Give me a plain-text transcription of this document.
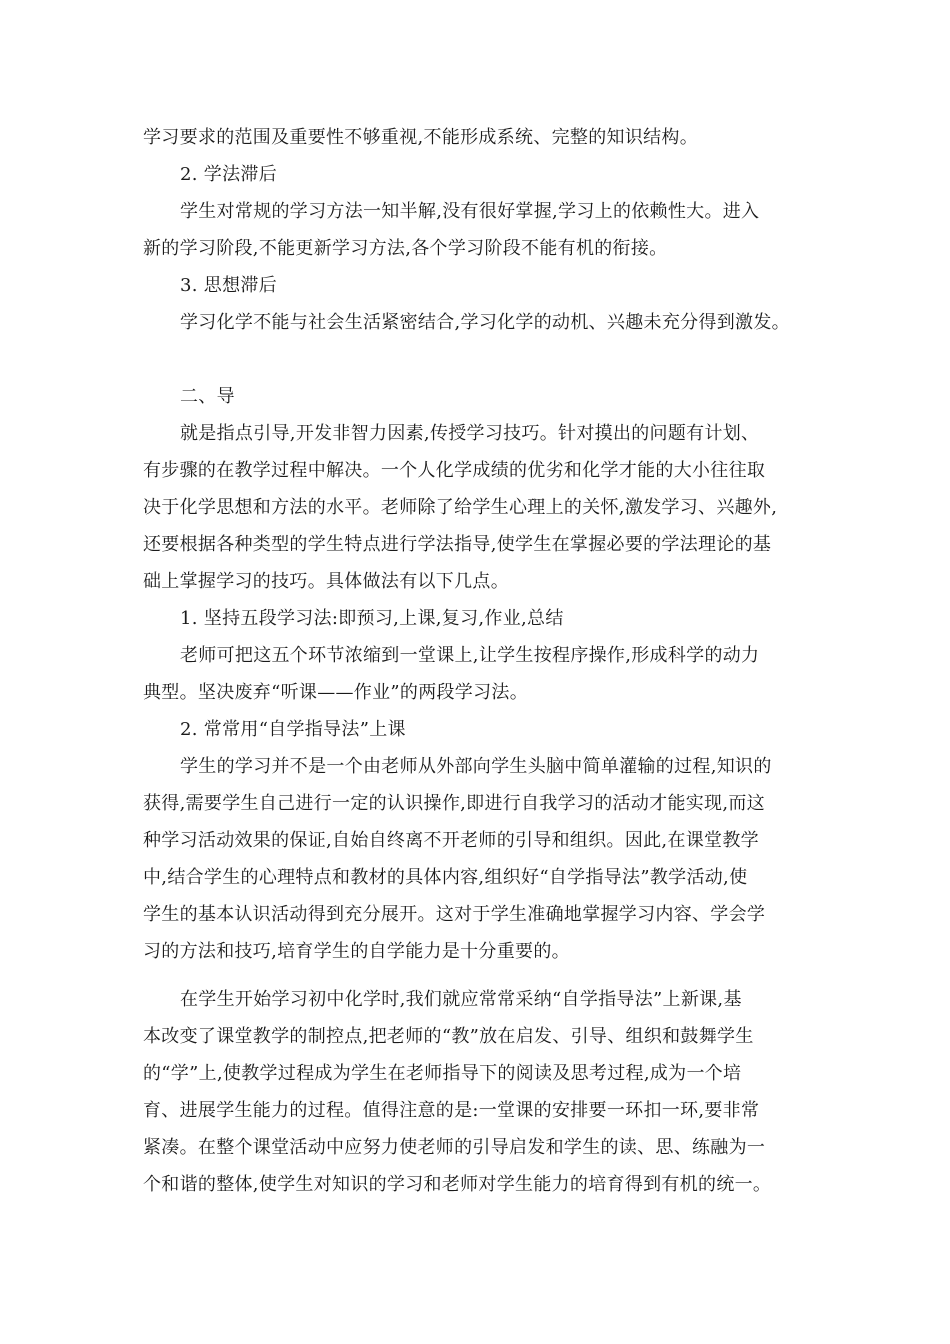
学习要求的范围及重要性不够重视,不能形成系统、完整的知识结构。
2. 学法滞后
学生对常规的学习方法一知半解,没有很好掌握,学习上的依赖性大。进入
新的学习阶段,不能更新学习方法,各个学习阶段不能有机的衔接。
3. 思想滞后
学习化学不能与社会生活紧密结合,学习化学的动机、兴趣未充分得到激发。
二、导
就是指点引导,开发非智力因素,传授学习技巧。针对摸出的问题有计划、
有步骤的在教学过程中解决。一个人化学成绩的优劣和化学才能的大小往往取
决于化学思想和方法的水平。老师除了给学生心理上的关怀,激发学习、兴趣外,
还要根据各种类型的学生特点进行学法指导,使学生在掌握必要的学法理论的基
础上掌握学习的技巧。具体做法有以下几点。
1. 坚持五段学习法:即预习,上课,复习,作业,总结
老师可把这五个环节浓缩到一堂课上,让学生按程序操作,形成科学的动力
典型。坚决废弃“听课——作业”的两段学习法。
2. 常常用“自学指导法”上课
学生的学习并不是一个由老师从外部向学生头脑中简单灌输的过程,知识的
获得,需要学生自己进行一定的认识操作,即进行自我学习的活动才能实现,而这
种学习活动效果的保证,自始自终离不开老师的引导和组织。因此,在课堂教学
中,结合学生的心理特点和教材的具体内容,组织好“自学指导法”教学活动,使
学生的基本认识活动得到充分展开。这对于学生准确地掌握学习内容、学会学
习的方法和技巧,培育学生的自学能力是十分重要的。
在学生开始学习初中化学时,我们就应常常采纳“自学指导法”上新课,基
本改变了课堂教学的制控点,把老师的“教”放在启发、引导、组织和鼓舞学生
的“学”上,使教学过程成为学生在老师指导下的阅读及思考过程,成为一个培
育、进展学生能力的过程。值得注意的是:一堂课的安排要一环扣一环,要非常
紧凑。在整个课堂活动中应努力使老师的引导启发和学生的读、思、练融为一
个和谐的整体,使学生对知识的学习和老师对学生能力的培育得到有机的统一。
